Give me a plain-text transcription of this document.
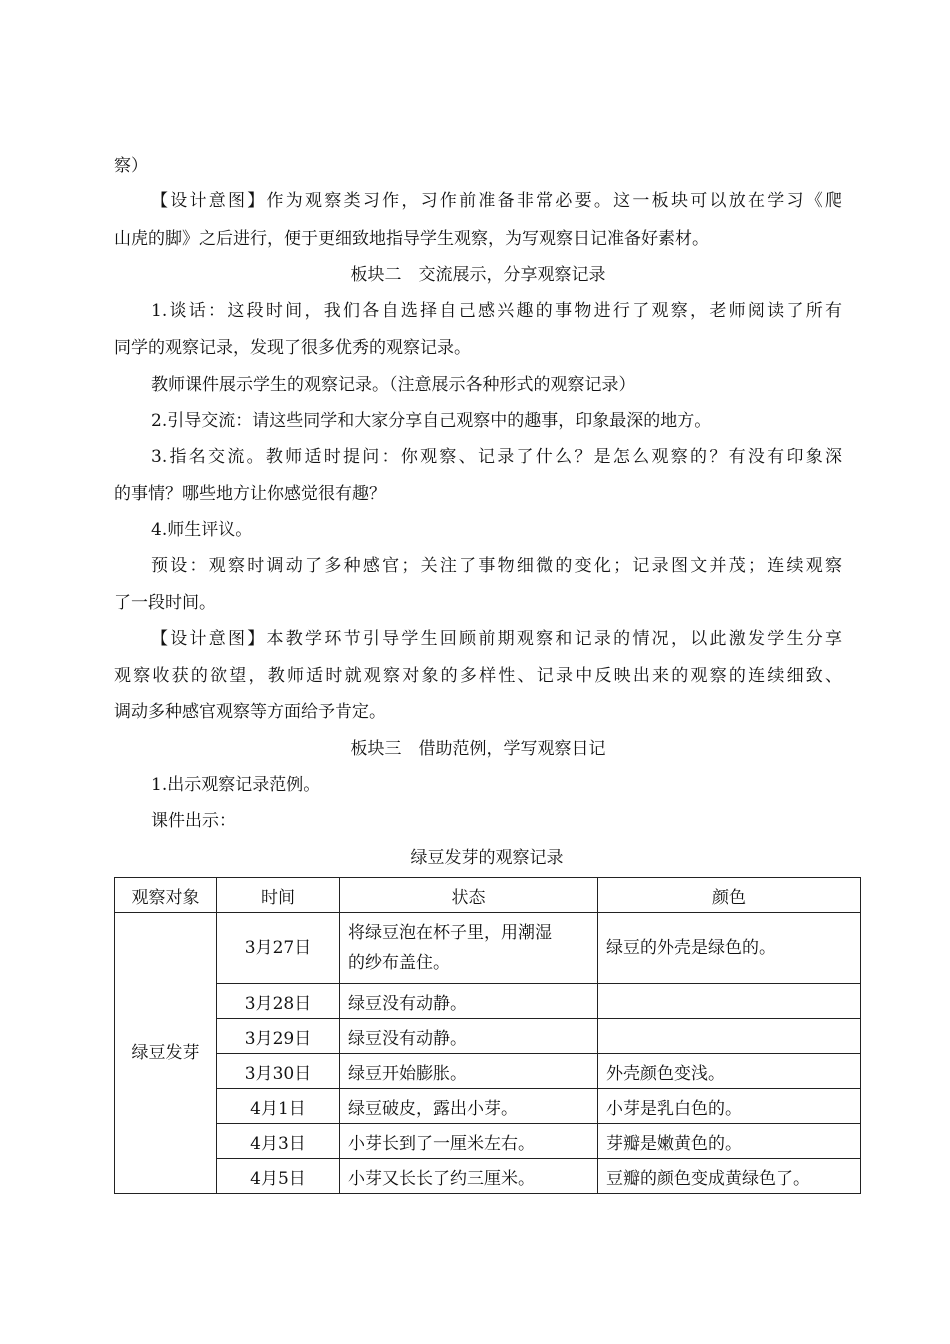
察）
【设计意图】作为观察类习作，习作前准备非常必要。这一板块可以放在学习《爬
山虎的脚》之后进行，便于更细致地指导学生观察，为写观察日记准备好素材。
板块二　交流展示，分享观察记录
1.谈话：这段时间，我们各自选择自己感兴趣的事物进行了观察，老师阅读了所有
同学的观察记录，发现了很多优秀的观察记录。
教师课件展示学生的观察记录。（注意展示各种形式的观察记录）
2.引导交流：请这些同学和大家分享自己观察中的趣事，印象最深的地方。
3.指名交流。教师适时提问：你观察、记录了什么？是怎么观察的？有没有印象深
的事情？哪些地方让你感觉很有趣？
4.师生评议。
预设：观察时调动了多种感官；关注了事物细微的变化；记录图文并茂；连续观察
了一段时间。
【设计意图】本教学环节引导学生回顾前期观察和记录的情况，以此激发学生分享
观察收获的欲望，教师适时就观察对象的多样性、记录中反映出来的观察的连续细致、
调动多种感官观察等方面给予肯定。
板块三　借助范例，学写观察日记
1.出示观察记录范例。
课件出示：
绿豆发芽的观察记录
观察对象	时间	状态	颜色
绿豆发芽	3月27日	将绿豆泡在杯子里，用潮湿
的纱布盖住。	绿豆的外壳是绿色的。
	3月28日	绿豆没有动静。	
	3月29日	绿豆没有动静。	
	3月30日	绿豆开始膨胀。	外壳颜色变浅。
	4月1日	绿豆破皮，露出小芽。	小芽是乳白色的。
	4月3日	小芽长到了一厘米左右。	芽瓣是嫩黄色的。
	4月5日	小芽又长长了约三厘米。	豆瓣的颜色变成黄绿色了。
